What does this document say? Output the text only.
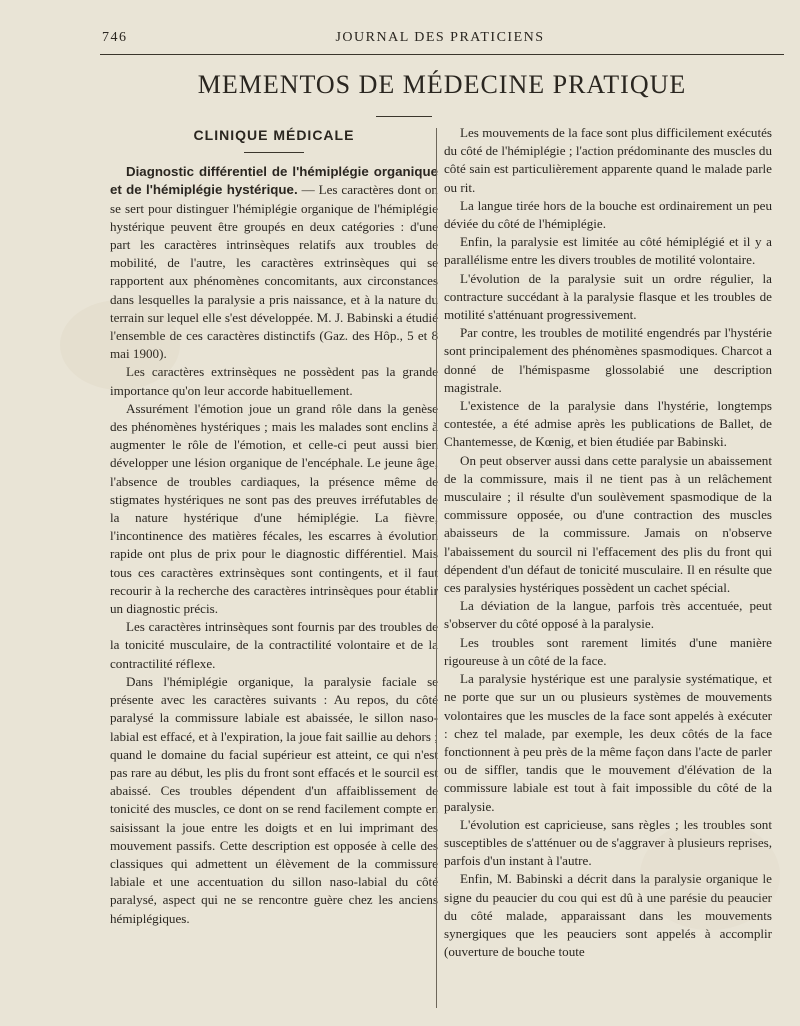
746	JOURNAL DES PRATICIENS
MEMENTOS DE MÉDECINE PRATIQUE
CLINIQUE MÉDICALE

Diagnostic différentiel de l'hémiplégie organique et de l'hémiplégie hystérique. — Les caractères dont on se sert pour distinguer l'hémiplégie organique de l'hémiplégie hystérique peuvent être groupés en deux catégories : d'une part les caractères intrinsèques relatifs aux troubles de mobilité, de l'autre, les caractères extrinsèques qui se rapportent aux phénomènes concomitants, aux circonstances dans lesquelles la paralysie a pris naissance, et à la nature du terrain sur lequel elle s'est développée. M. J. Babinski a étudié l'ensemble de ces caractères distinctifs (Gaz. des Hôp., 5 et 8 mai 1900).

Les caractères extrinsèques ne possèdent pas la grande importance qu'on leur accorde habituellement.

Assurément l'émotion joue un grand rôle dans la genèse des phénomènes hystériques ; mais les malades sont enclins à augmenter le rôle de l'émotion, et celle-ci peut aussi bien développer une lésion organique de l'encéphale. Le jeune âge, l'absence de troubles cardiaques, la présence même de stigmates hystériques ne sont pas des preuves irréfutables de la nature hystérique d'une hémiplégie. La fièvre, l'incontinence des matières fécales, les escarres à évolution rapide ont plus de prix pour le diagnostic différentiel. Mais tous ces caractères extrinsèques sont contingents, et il faut recourir à la recherche des caractères intrinsèques pour établir un diagnostic précis.

Les caractères intrinsèques sont fournis par des troubles de la tonicité musculaire, de la contractilité volontaire et de la contractilité réflexe.

Dans l'hémiplégie organique, la paralysie faciale se présente avec les caractères suivants : Au repos, du côté paralysé la commissure labiale est abaissée, le sillon naso-labial est effacé, et à l'expiration, la joue fait saillie au dehors ; quand le domaine du facial supérieur est atteint, ce qui n'est pas rare au début, les plis du front sont effacés et le sourcil est abaissé. Ces troubles dépendent d'un affaiblissement de tonicité des muscles, ce dont on se rend facilement compte en saisissant la joue entre les doigts et en lui imprimant des mouvement passifs. Cette description est opposée à celle des classiques qui admettent un élèvement de la commissure labiale et une accentuation du sillon naso-labial du côté paralysé, aspect qui ne se rencontre guère chez les anciens hémiplégiques.

Les mouvements de la face sont plus difficilement exécutés du côté de l'hémiplégie ; l'action prédominante des muscles du côté sain est particulièrement apparente quand le malade parle ou rit.

La langue tirée hors de la bouche est ordinairement un peu déviée du côté de l'hémiplégie.

Enfin, la paralysie est limitée au côté hémiplégié et il y a parallélisme entre les divers troubles de motilité volontaire.

L'évolution de la paralysie suit un ordre régulier, la contracture succédant à la paralysie flasque et les troubles de motilité s'atténuant progressivement.

Par contre, les troubles de motilité engendrés par l'hystérie sont principalement des phénomènes spasmodiques. Charcot a donné de l'hémispasme glossolabié une description magistrale.

L'existence de la paralysie dans l'hystérie, longtemps contestée, a été admise après les publications de Ballet, de Chantemesse, de Kœnig, et bien étudiée par Babinski.

On peut observer aussi dans cette paralysie un abaissement de la commissure, mais il ne tient pas à un relâchement musculaire ; il résulte d'un soulèvement spasmodique de la commissure opposée, ou d'une contraction des muscles abaisseurs de la commissure. Jamais on n'observe l'abaissement du sourcil ni l'effacement des plis du front qui dépendent d'un défaut de tonicité musculaire. Il en résulte que ces paralysies hystériques possèdent un cachet spécial.

La déviation de la langue, parfois très accentuée, peut s'observer du côté opposé à la paralysie.

Les troubles sont rarement limités d'une manière rigoureuse à un côté de la face.

La paralysie hystérique est une paralysie systématique, et ne porte que sur un ou plusieurs systèmes de mouvements volontaires que les muscles de la face sont appelés à exécuter : chez tel malade, par exemple, les deux côtés de la face fonctionnent à peu près de la même façon dans l'acte de parler ou de siffler, tandis que le mouvement d'élévation de la commissure labiale est tout à fait impossible du côté de la paralysie.

L'évolution est capricieuse, sans règles ; les troubles sont susceptibles de s'atténuer ou de s'aggraver à plusieurs reprises, parfois d'un instant à l'autre.

Enfin, M. Babinski a décrit dans la paralysie organique le signe du peaucier du cou qui est dû à une parésie du peaucier du côté malade, apparaissant dans les mouvements synergiques que les peauciers sont appelés à accomplir (ouverture de bouche toute
